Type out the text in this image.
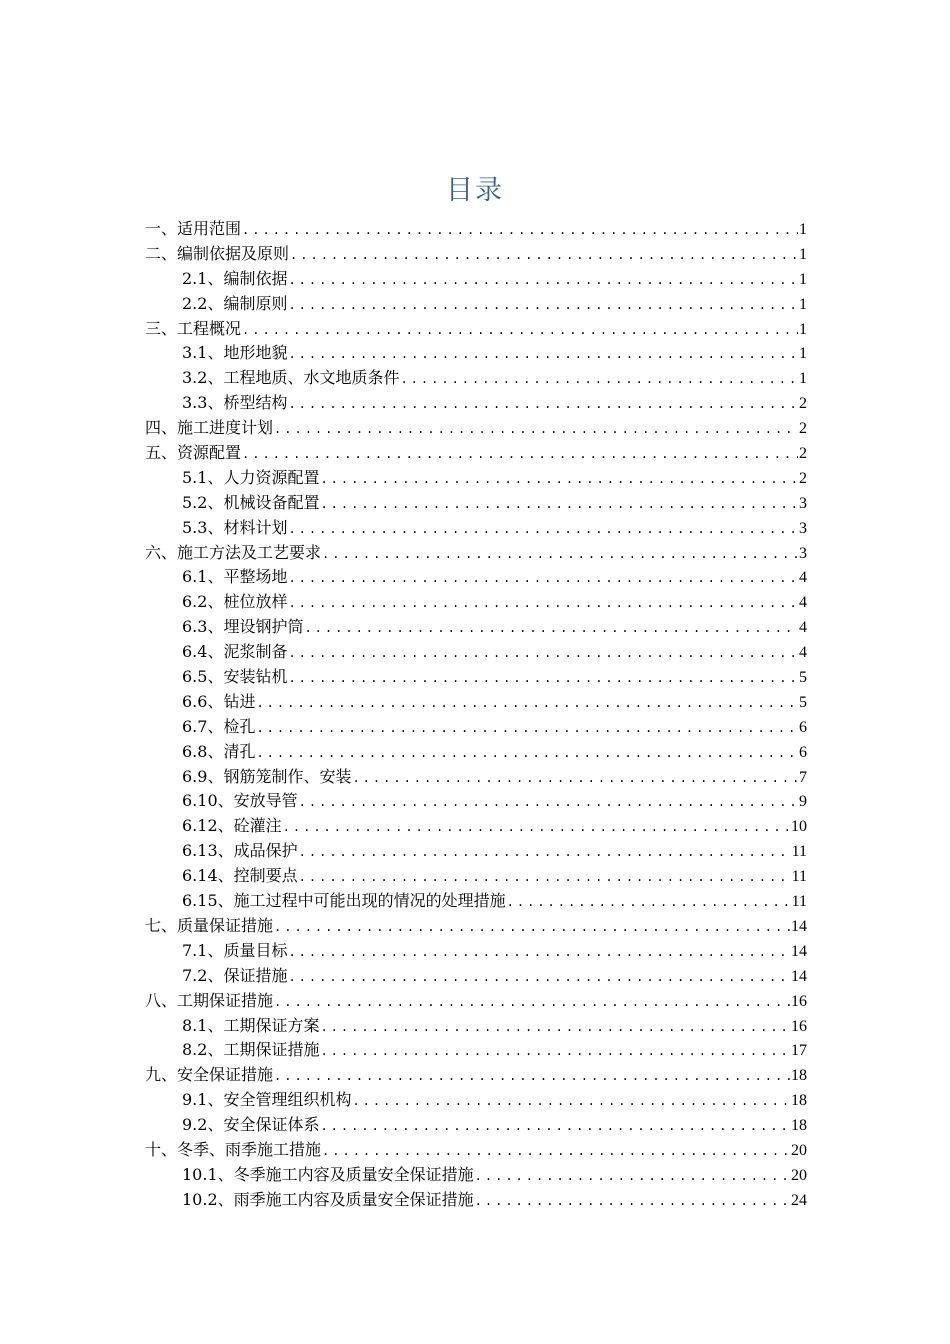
目录
一、适用范围 .....	1
二、编制依据及原则 .....	1
2.1、编制依据 .....	1
2.2、编制原则 .....	1
三、工程概况 .....	1
3.1、地形地貌 .....	1
3.2、工程地质、水文地质条件 .....	1
3.3、桥型结构 .....	2
四、施工进度计划 .....	2
五、资源配置 .....	2
5.1、人力资源配置 .....	2
5.2、机械设备配置 .....	3
5.3、材料计划 .....	3
六、施工方法及工艺要求 .....	3
6.1、平整场地 .....	4
6.2、桩位放样 .....	4
6.3、埋设钢护筒 .....	4
6.4、泥浆制备 .....	4
6.5、安装钻机 .....	5
6.6、钻进 .....	5
6.7、检孔 .....	6
6.8、清孔 .....	6
6.9、钢筋笼制作、安装 .....	7
6.10、安放导管 .....	9
6.12、砼灌注 .....	10
6.13、成品保护 .....	11
6.14、控制要点 .....	11
6.15、施工过程中可能出现的情况的处理措施 .....	11
七、质量保证措施 .....	14
7.1、质量目标 .....	14
7.2、保证措施 .....	14
八、工期保证措施 .....	16
8.1、工期保证方案 .....	16
8.2、工期保证措施 .....	17
九、安全保证措施 .....	18
9.1、安全管理组织机构 .....	18
9.2、安全保证体系 .....	18
十、冬季、雨季施工措施 .....	20
10.1、冬季施工内容及质量安全保证措施 .....	20
10.2、雨季施工内容及质量安全保证措施 .....	24
